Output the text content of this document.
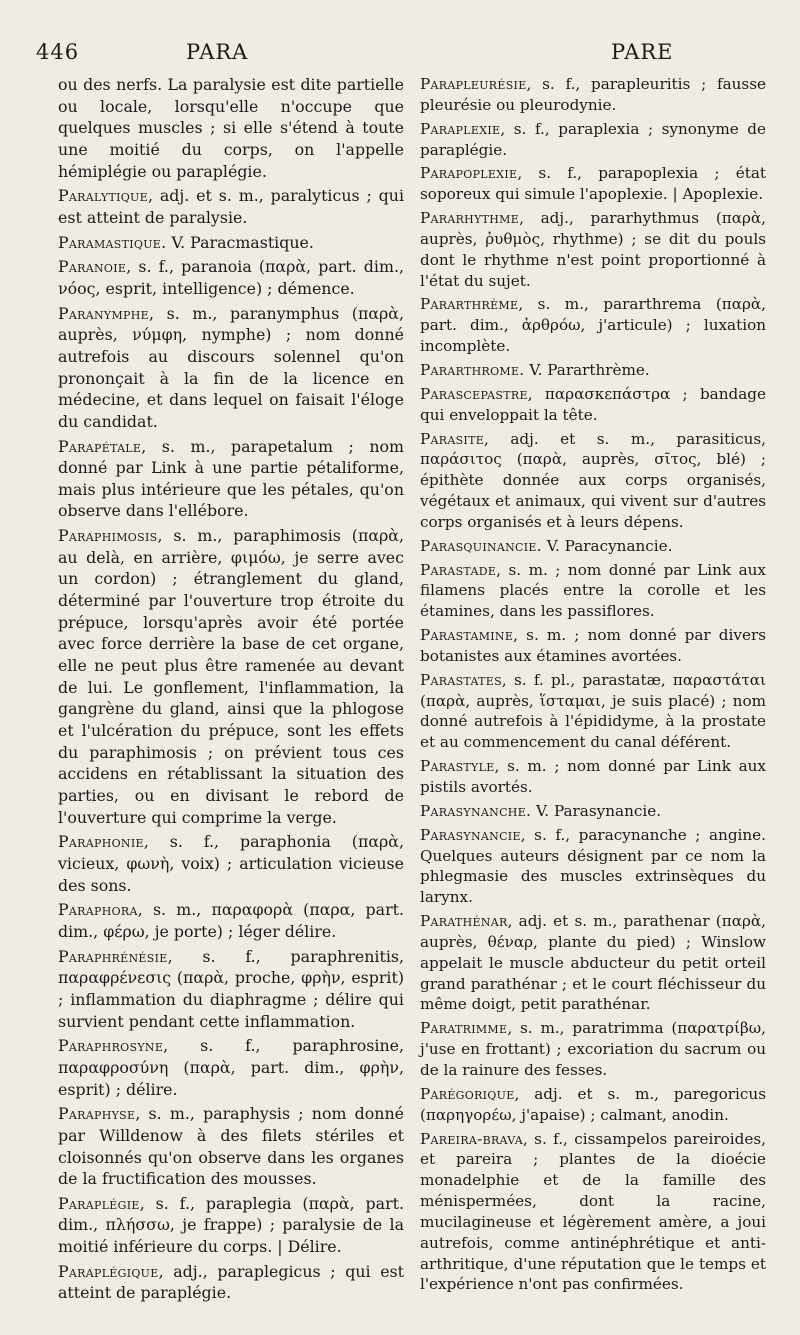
446	PARA	PARE

ou des nerfs. La paralysie est dite partielle ou locale, lorsqu'elle n'occupe que quelques muscles ; si elle s'étend à toute une moitié du corps, on l'appelle hémiplégie ou paraplégie.

Paralytique, adj. et s. m., paralyticus ; qui est atteint de paralysie.

Paramastique. V. Paracmastique.

Paranoie, s. f., paranoia (παρὰ, part. dim., νόος, esprit, intelligence) ; démence.

Paranymphe, s. m., paranymphus (παρὰ, auprès, νύμφη, nymphe) ; nom donné autrefois au discours solennel qu'on prononçait à la fin de la licence en médecine, et dans lequel on faisait l'éloge du candidat.

Parapétale, s. m., parapetalum ; nom donné par Link à une partie pétaliforme, mais plus intérieure que les pétales, qu'on observe dans l'ellébore.

Paraphimosis, s. m., paraphimosis (παρὰ, au delà, en arrière, φιμόω, je serre avec un cordon) ; étranglement du gland, déterminé par l'ouverture trop étroite du prépuce, lorsqu'après avoir été portée avec force derrière la base de cet organe, elle ne peut plus être ramenée au devant de lui. Le gonflement, l'inflammation, la gangrène du gland, ainsi que la phlogose et l'ulcération du prépuce, sont les effets du paraphimosis ; on prévient tous ces accidens en rétablissant la situation des parties, ou en divisant le rebord de l'ouverture qui comprime la verge.

Paraphonie, s. f., paraphonia (παρὰ, vicieux, φωνὴ, voix) ; articulation vicieuse des sons.

Paraphora, s. m., παραφορὰ (παρα, part. dim., φέρω, je porte) ; léger délire.

Paraphrénésie, s. f., paraphrenitis, παραφρένεσις (παρὰ, proche, φρὴν, esprit) ; inflammation du diaphragme ; délire qui survient pendant cette inflammation.

Paraphrosyne, s. f., paraphrosine, παραφροσύνη (παρὰ, part. dim., φρὴν, esprit) ; délire.

Paraphyse, s. m., paraphysis ; nom donné par Willdenow à des filets stériles et cloisonnés qu'on observe dans les organes de la fructification des mousses.

Paraplégie, s. f., paraplegia (παρὰ, part. dim., πλήσσω, je frappe) ; paralysie de la moitié inférieure du corps. | Délire.

Paraplégique, adj., paraplegicus ; qui est atteint de paraplégie.

Parapleurésie, s. f., parapleuritis ; fausse pleurésie ou pleurodynie.

Paraplexie, s. f., paraplexia ; synonyme de paraplégie.

Parapoplexie, s. f., parapoplexia ; état soporeux qui simule l'apoplexie. | Apoplexie.

Pararhythme, adj., pararhythmus (παρὰ, auprès, ῥυθμὸς, rhythme) ; se dit du pouls dont le rhythme n'est point proportionné à l'état du sujet.

Pararthrème, s. m., pararthrema (παρὰ, part. dim., ἀρθρόω, j'articule) ; luxation incomplète.

Pararthrome. V. Pararthrème.

Parascepastre, παρασκεπάστρα ; bandage qui enveloppait la tête.

Parasite, adj. et s. m., parasiticus, παράσιτος (παρὰ, auprès, σῖτος, blé) ; épithète donnée aux corps organisés, végétaux et animaux, qui vivent sur d'autres corps organisés et à leurs dépens.

Parasquinancie. V. Paracynancie.

Parastade, s. m. ; nom donné par Link aux filamens placés entre la corolle et les étamines, dans les passiflores.

Parastamine, s. m. ; nom donné par divers botanistes aux étamines avortées.

Parastates, s. f. pl., parastatæ, παραστάται (παρὰ, auprès, ἵσταμαι, je suis placé) ; nom donné autrefois à l'épididyme, à la prostate et au commencement du canal déférent.

Parastyle, s. m. ; nom donné par Link aux pistils avortés.

Parasynanche. V. Parasynancie.

Parasynancie, s. f., paracynanche ; angine. Quelques auteurs désignent par ce nom la phlegmasie des muscles extrinsèques du larynx.

Parathénar, adj. et s. m., parathenar (παρὰ, auprès, θέναρ, plante du pied) ; Winslow appelait le muscle abducteur du petit orteil grand parathénar ; et le court fléchisseur du même doigt, petit parathénar.

Paratrimme, s. m., paratrimma (παρατρίβω, j'use en frottant) ; excoriation du sacrum ou de la rainure des fesses.

Parégorique, adj. et s. m., paregoricus (παρηγορέω, j'apaise) ; calmant, anodin.

Pareira-brava, s. f., cissampelos pareiroides, et pareira ; plantes de la dioécie monadelphie et de la famille des ménispermées, dont la racine, mucilagineuse et légèrement amère, a joui autrefois, comme antinéphrétique et anti-arthritique, d'une réputation que le temps et l'expérience n'ont pas confirmées.
